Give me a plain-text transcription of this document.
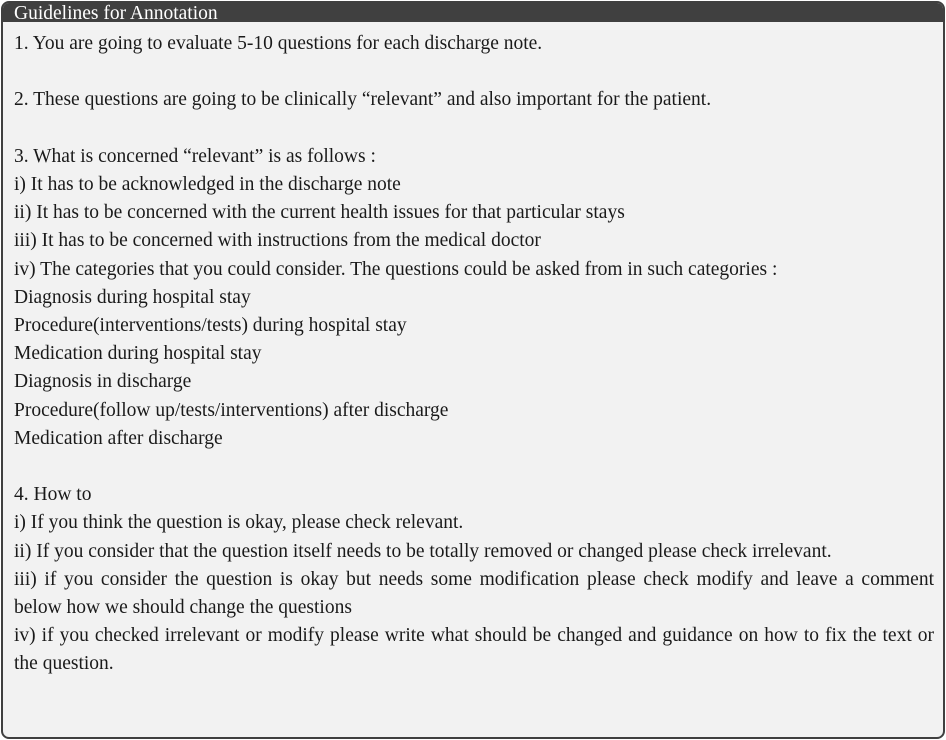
Guidelines for Annotation

1. You are going to evaluate 5-10 questions for each discharge note.

2. These questions are going to be clinically “relevant” and also important for the patient.

3. What is concerned “relevant” is as follows :

i) It has to be acknowledged in the discharge note

ii) It has to be concerned with the current health issues for that particular stays

iii) It has to be concerned with instructions from the medical doctor

iv) The categories that you could consider. The questions could be asked from in such categories :

Diagnosis during hospital stay

Procedure(interventions/tests) during hospital stay

Medication during hospital stay

Diagnosis in discharge

Procedure(follow up/tests/interventions) after discharge

Medication after discharge

4. How to

i) If you think the question is okay, please check relevant.

ii) If you consider that the question itself needs to be totally removed or changed please check irrelevant.

iii) if you consider the question is okay but needs some modification please check modify and leave a comment below how we should change the questions

iv) if you checked irrelevant or modify please write what should be changed and guidance on how to fix the text or the question.
